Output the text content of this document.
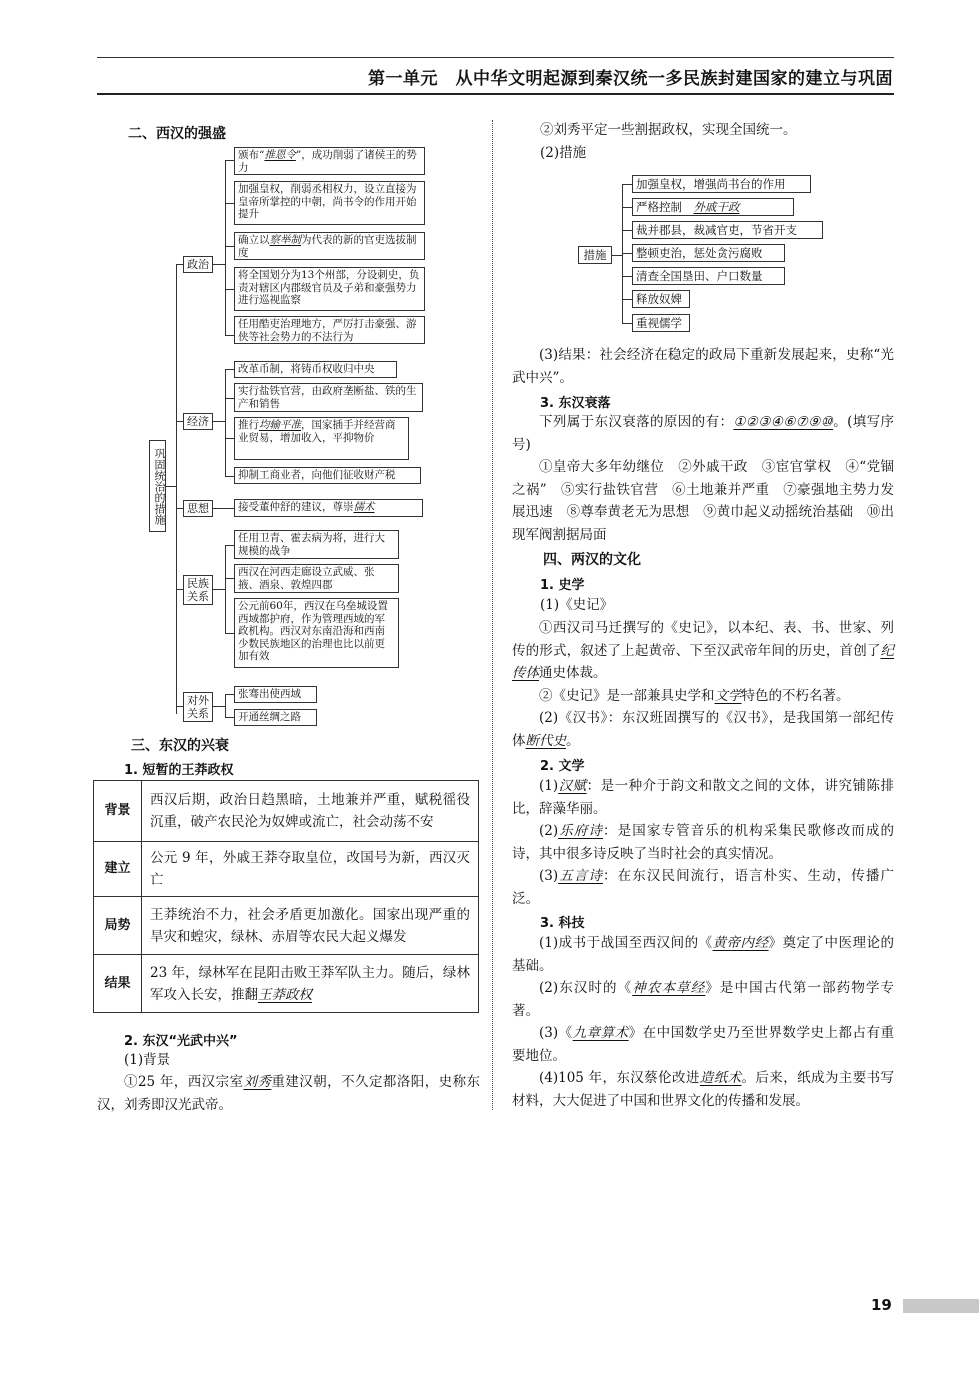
第一单元　从中华文明起源到秦汉统一多民族封建国家的建立与巩固
二、西汉的强盛
巩固统治的措施
政治
颁布“推恩令”，成功削弱了诸侯王的势力
加强皇权，削弱丞相权力，设立直接为皇帝所掌控的中朝，尚书令的作用开始提升
确立以察举制为代表的新的官吏选拔制度
将全国划分为13个州部，分设刺史，负责对辖区内郡级官员及子弟和豪强势力进行巡视监察
任用酷吏治理地方，严厉打击豪强、游侠等社会势力的不法行为
经济
改革币制，将铸币权收归中央
实行盐铁官营，由政府垄断盐、铁的生产和销售
推行均输平准，国家插手并经营商业贸易，增加收入，平抑物价
抑制工商业者，向他们征收财产税
思想	接受董仲舒的建议，尊崇儒术
民族关系
任用卫青、霍去病为将，进行大规模的战争
西汉在河西走廊设立武威、张掖、酒泉、敦煌四郡
公元前60年，西汉在乌垒城设置西域都护府，作为管理西域的军政机构。西汉对东南沿海和西南少数民族地区的治理也比以前更加有效
对外关系
张骞出使西域
开通丝绸之路
三、东汉的兴衰
1. 短暂的王莽政权
背景	西汉后期，政治日趋黑暗，土地兼并严重，赋税徭役沉重，破产农民沦为奴婢或流亡，社会动荡不安
建立	公元 9 年，外戚王莽夺取皇位，改国号为新，西汉灭亡
局势	王莽统治不力，社会矛盾更加激化。国家出现严重的旱灾和蝗灾，绿林、赤眉等农民大起义爆发
结果	23 年，绿林军在昆阳击败王莽军队主力。随后，绿林军攻入长安，推翻王莽政权
2. 东汉“光武中兴”
(1)背景
①25 年，西汉宗室刘秀重建汉朝，不久定都洛阳，史称东汉，刘秀即汉光武帝。
②刘秀平定一些割据政权，实现全国统一。
(2)措施
措施
加强皇权，增强尚书台的作用
严格控制　 外戚干政
裁并郡县，裁减官吏，节省开支
整顿吏治，惩处贪污腐败
清查全国垦田、户口数量
释放奴婢
重视儒学
(3)结果：社会经济在稳定的政局下重新发展起来，史称“光武中兴”。
3. 东汉衰落
下列属于东汉衰落的原因的有：①②③④⑥⑦⑨⑩。(填写序号)
①皇帝大多年幼继位　②外戚干政　③宦官掌权　④“党锢之祸”　⑤实行盐铁官营　⑥土地兼并严重　⑦豪强地主势力发展迅速　⑧尊奉黄老无为思想　⑨黄巾起义动摇统治基础　⑩出现军阀割据局面
四、两汉的文化
1. 史学
(1)《史记》
①西汉司马迁撰写的《史记》，以本纪、表、书、世家、列传的形式，叙述了上起黄帝、下至汉武帝年间的历史，首创了纪传体通史体裁。
②《史记》是一部兼具史学和文学特色的不朽名著。
(2)《汉书》：东汉班固撰写的《汉书》，是我国第一部纪传体断代史。
2. 文学
(1)汉赋：是一种介于韵文和散文之间的文体，讲究铺陈排比，辞藻华丽。
(2)乐府诗：是国家专管音乐的机构采集民歌修改而成的诗，其中很多诗反映了当时社会的真实情况。
(3)五言诗：在东汉民间流行，语言朴实、生动，传播广泛。
3. 科技
(1)成书于战国至西汉间的《黄帝内经》奠定了中医理论的基础。
(2)东汉时的《神农本草经》是中国古代第一部药物学专著。
(3)《九章算术》在中国数学史乃至世界数学史上都占有重要地位。
(4)105 年，东汉蔡伦改进造纸术。后来，纸成为主要书写材料，大大促进了中国和世界文化的传播和发展。
19
